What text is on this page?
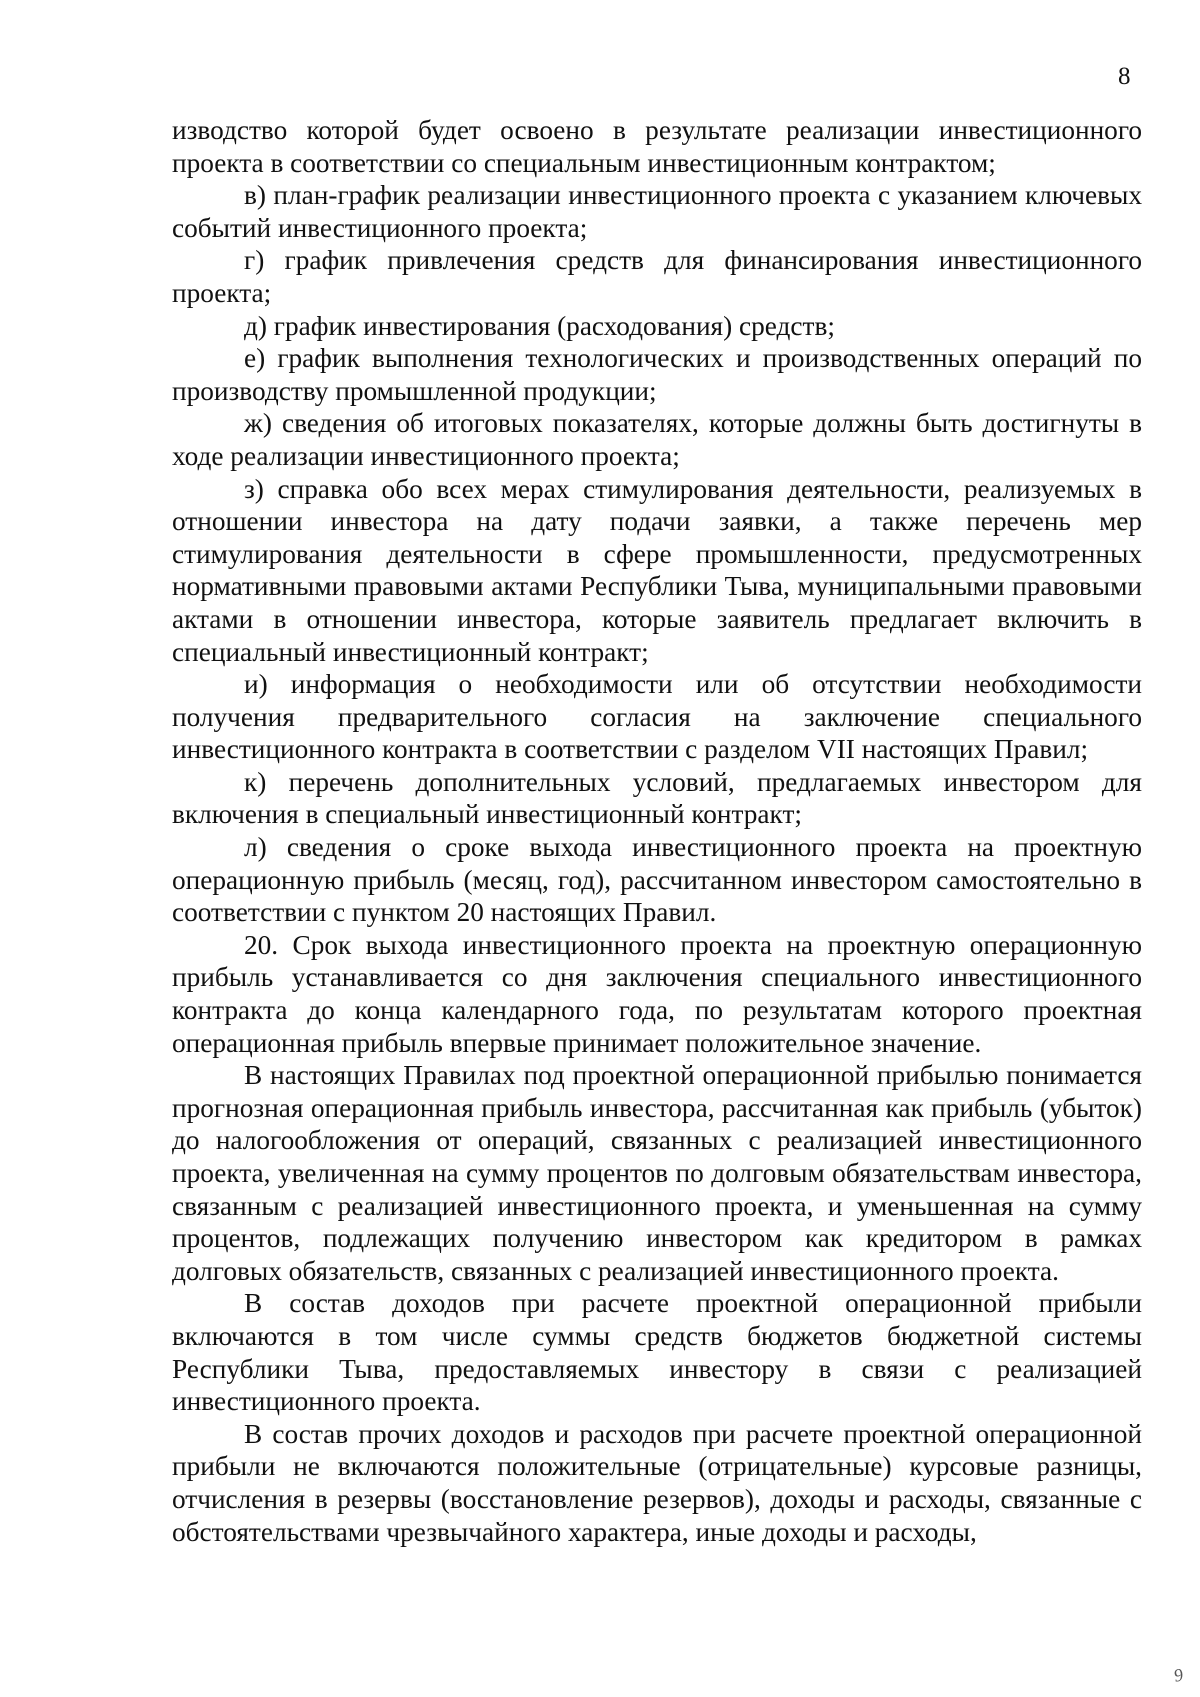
8

изводство которой будет освоено в результате реализации инвестиционного проекта в соответствии со специальным инвестиционным контрактом;

в) план-график реализации инвестиционного проекта с указанием ключевых событий инвестиционного проекта;

г) график привлечения средств для финансирования инвестиционного проекта;

д) график инвестирования (расходования) средств;

е) график выполнения технологических и производственных операций по производству промышленной продукции;

ж) сведения об итоговых показателях, которые должны быть достигнуты в ходе реализации инвестиционного проекта;

з) справка обо всех мерах стимулирования деятельности, реализуемых в отношении инвестора на дату подачи заявки, а также перечень мер стимулирования деятельности в сфере промышленности, предусмотренных нормативными правовыми актами Республики Тыва, муниципальными правовыми актами в отношении инвестора, которые заявитель предлагает включить в специальный инвестиционный контракт;

и) информация о необходимости или об отсутствии необходимости получения предварительного согласия на заключение специального инвестиционного контракта в соответствии с разделом VII настоящих Правил;

к) перечень дополнительных условий, предлагаемых инвестором для включения в специальный инвестиционный контракт;

л) сведения о сроке выхода инвестиционного проекта на проектную операционную прибыль (месяц, год), рассчитанном инвестором самостоятельно в соответствии с пунктом 20 настоящих Правил.

20. Срок выхода инвестиционного проекта на проектную операционную прибыль устанавливается со дня заключения специального инвестиционного контракта до конца календарного года, по результатам которого проектная операционная прибыль впервые принимает положительное значение.

В настоящих Правилах под проектной операционной прибылью понимается прогнозная операционная прибыль инвестора, рассчитанная как прибыль (убыток) до налогообложения от операций, связанных с реализацией инвестиционного проекта, увеличенная на сумму процентов по долговым обязательствам инвестора, связанным с реализацией инвестиционного проекта, и уменьшенная на сумму процентов, подлежащих получению инвестором как кредитором в рамках долговых обязательств, связанных с реализацией инвестиционного проекта.

В состав доходов при расчете проектной операционной прибыли включаются в том числе суммы средств бюджетов бюджетной системы Республики Тыва, предоставляемых инвестору в связи с реализацией инвестиционного проекта.

В состав прочих доходов и расходов при расчете проектной операционной прибыли не включаются положительные (отрицательные) курсовые разницы, отчисления в резервы (восстановление резервов), доходы и расходы, связанные с обстоятельствами чрезвычайного характера, иные доходы и расходы,

9
